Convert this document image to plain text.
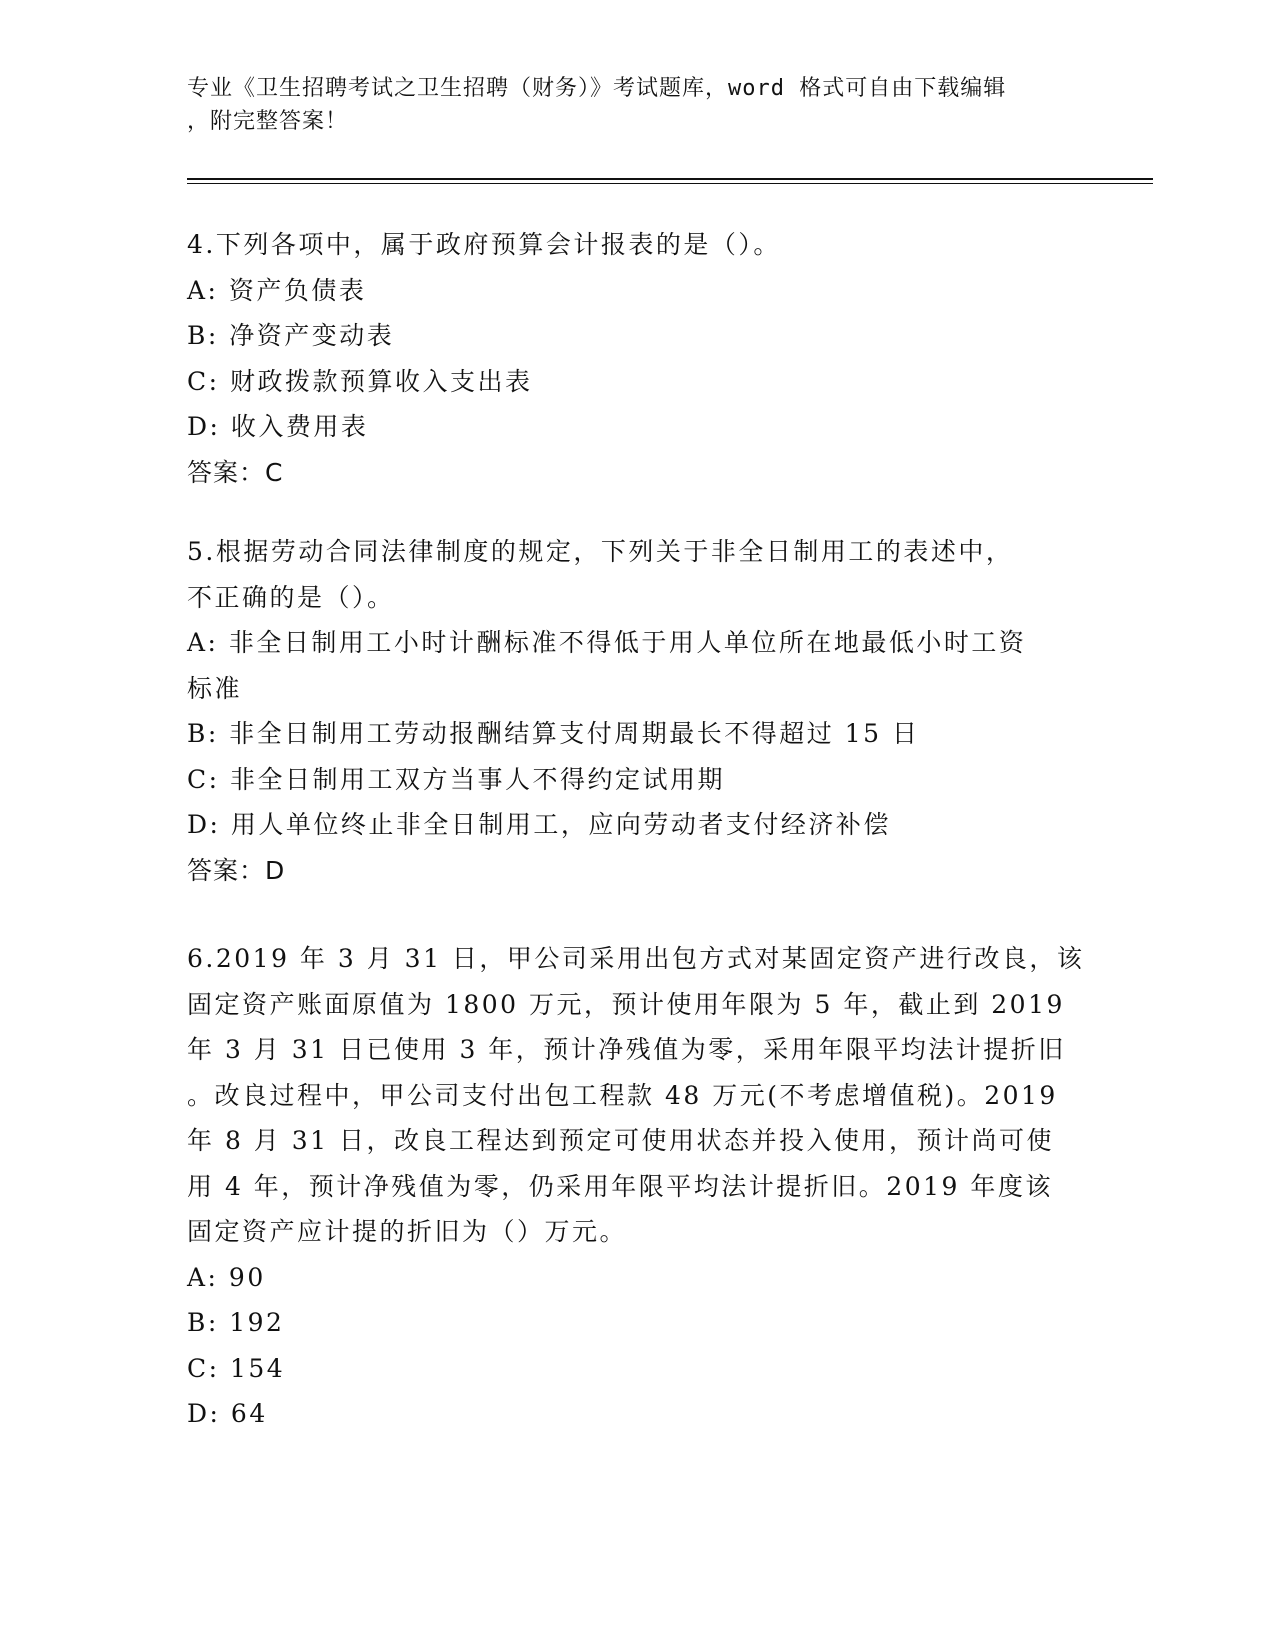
专业《卫生招聘考试之卫生招聘（财务）》考试题库，word 格式可自由下载编辑
，附完整答案！
4.下列各项中，属于政府预算会计报表的是（）。
A: 资产负债表
B: 净资产变动表
C: 财政拨款预算收入支出表
D: 收入费用表
答案：C
5.根据劳动合同法律制度的规定，下列关于非全日制用工的表述中，
不正确的是（）。
A: 非全日制用工小时计酬标准不得低于用人单位所在地最低小时工资
标准
B: 非全日制用工劳动报酬结算支付周期最长不得超过 15 日
C: 非全日制用工双方当事人不得约定试用期
D: 用人单位终止非全日制用工，应向劳动者支付经济补偿
答案：D
6.2019 年 3 月 31 日，甲公司采用出包方式对某固定资产进行改良，该
固定资产账面原值为 1800 万元，预计使用年限为 5 年，截止到 2019
年 3 月 31 日已使用 3 年，预计净残值为零，采用年限平均法计提折旧
。改良过程中，甲公司支付出包工程款 48 万元(不考虑增值税)。2019
年 8 月 31 日，改良工程达到预定可使用状态并投入使用，预计尚可使
用 4 年，预计净残值为零，仍采用年限平均法计提折旧。2019 年度该
固定资产应计提的折旧为（）万元。
A: 90
B: 192
C: 154
D: 64
